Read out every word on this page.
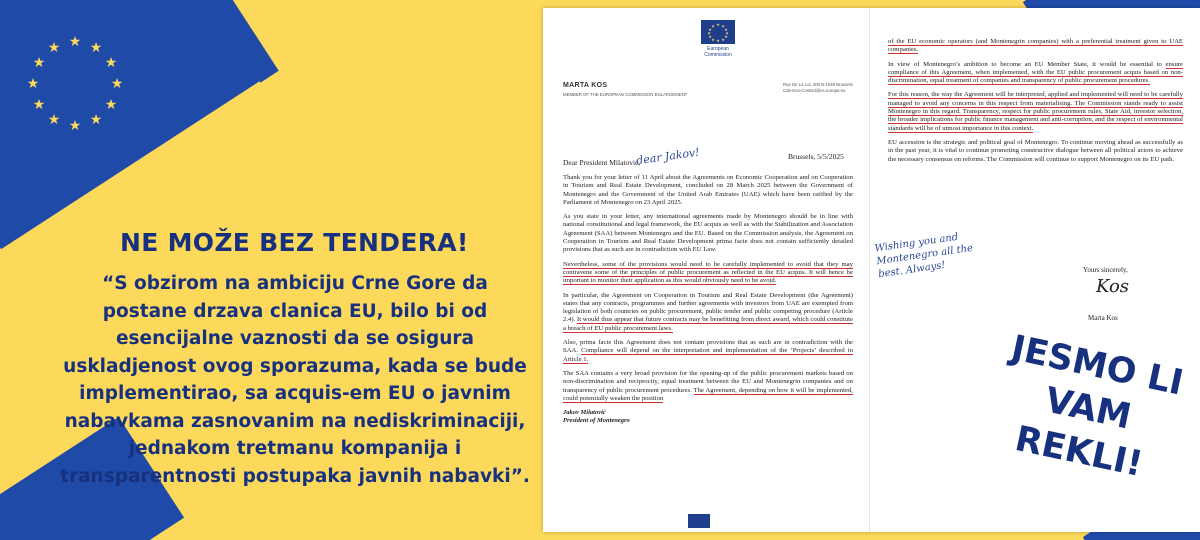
★ ★
★
★
★
★
★
★
★
★
★
★
NE MOŽE BEZ TENDERA!
“S obzirom na ambiciju Crne Gore da postane drzava clanica EU, bilo bi od esencijalne vaznosti da se osigura uskladjenost ovog sporazuma, kada se bude implementirao, sa acquis-em EU o javnim nabavkama zasnovanim na nediskriminaciji, jednakom tretmanu kompanija i transparentnosti postupaka javnih nabavki”.
★ ★
★
★
★
★
★
★
★
★
★
★
European Commission
MARTA KOS
MEMBER OF THE EUROPEAN COMMISSION ENLARGEMENT
Rue De La Loi, 200 B-1049 Brussels Cab-Kos-Contact@ec.europa.eu
Brussels, 5/5/2025
Dear President Milatović,
dear Jakov!

Thank you for your letter of 11 April about the Agreements on Economic Cooperation and on Cooperation in Tourism and Real Estate Development, concluded on 28 March 2025 between the Government of Montenegro and the Government of the United Arab Emirates (UAE) which have been ratified by the Parliament of Montenegro on 23 April 2025.

As you state in your letter, any international agreements made by Montenegro should be in line with national constitutional and legal framework, the EU acquis as well as with the Stabilization and Association Agreement (SAA) between Montenegro and the EU. Based on the Commission analysis, the Agreement on Cooperation in Tourism and Real Estate Development prima facie does not contain sufficiently detailed provisions that as such are in contradiction with EU Law.

Nevertheless, some of the provisions would need to be carefully implemented to avoid that they may contravene some of the principles of public procurement as reflected in the EU acquis. It will hence be important to monitor their application as this would obviously need to be avoid.

In particular, the Agreement on Cooperation in Tourism and Real Estate Development (the Agreement) states that any contracts, programmes and further agreements with investors from UAE are exempted from legislation of both countries on public procurement, public tender and public competing procedure (Article 2.4). It would thus appear that future contracts may be benefitting from direct award, which could constitute a breach of EU public procurement laws.

Also, prima facie this Agreement does not contain provisions that as such are in contradiction with the SAA. Compliance will depend on the interpretation and implementation of the ‘Projects’ described in Article 1.

The SAA contains a very broad provision for the opening-up of the public procurement markets based on non-discrimination and reciprocity, equal treatment between the EU and Montenegrin companies and on transparency of public procurement procedures. The Agreement, depending on how it will be implemented, could potentially weaken the position

Jakov Milatović
President of Montenegro

of the EU economic operators (and Montenegrin companies) with a preferential treatment given to UAE companies.

In view of Montenegro’s ambition to become an EU Member State, it would be essential to ensure compliance of this Agreement, when implemented, with the EU public procurement acquis based on non-discrimination, equal treatment of companies and transparency of public procurement procedures.

For this reason, the way the Agreement will be interpreted, applied and implemented will need to be carefully managed to avoid any concerns in this respect from materialising. The Commission stands ready to assist Montenegro in this regard. Transparency, respect for public procurement rules, State Aid, investor selection, the broader implications for public finance management and anti-corruption, and the respect of environmental standards will be of utmost importance in this context.

EU accession is the strategic and political goal of Montenegro. To continue moving ahead as successfully as in the past year, it is vital to continue promoting constructive dialogue between all political actors to achieve the necessary consensus on reforms. The Commission will continue to support Montenegro on its EU path.

Wishing you and Montenegro all the best. Always!	Yours sincerely,
Kos
Marta Kos
JESMO LI VAM REKLI!
